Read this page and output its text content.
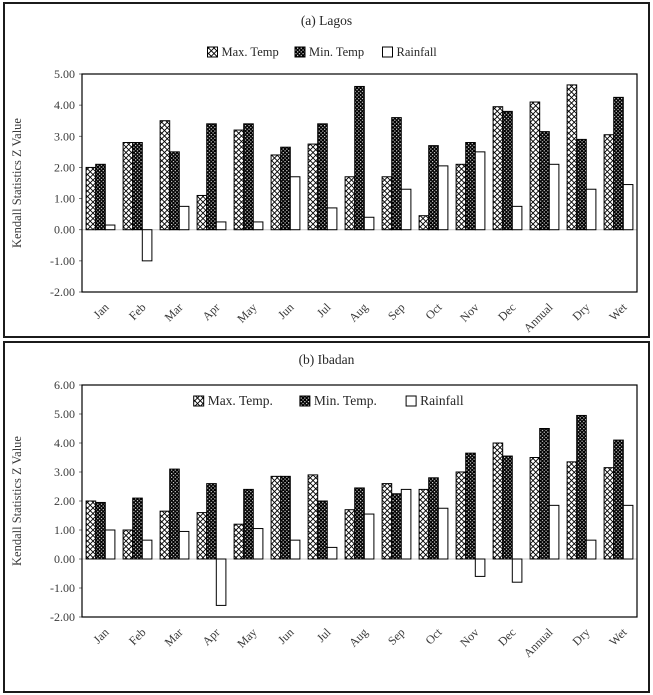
(a) Lagos
5.00
4.00
3.00
2.00
1.00
0.00
-1.00
-2.00
Kendall Statistics Z Value
Jan Feb Mar Apr May Jun Jul Aug Sep Oct Nov Dec Annual Dry Wet
Max. Temp Min. Temp	Rainfall
(b) Ibadan
6.00
5.00
4.00
3.00
2.00
1.00
0.00
-1.00
-2.00
Kendall Statistics Z Value
Jan Feb Mar Apr May Jun Jul Aug Sep Oct Nov Dec Annual Dry Wet
Max. Temp.	Min. Temp.	Rainfall
